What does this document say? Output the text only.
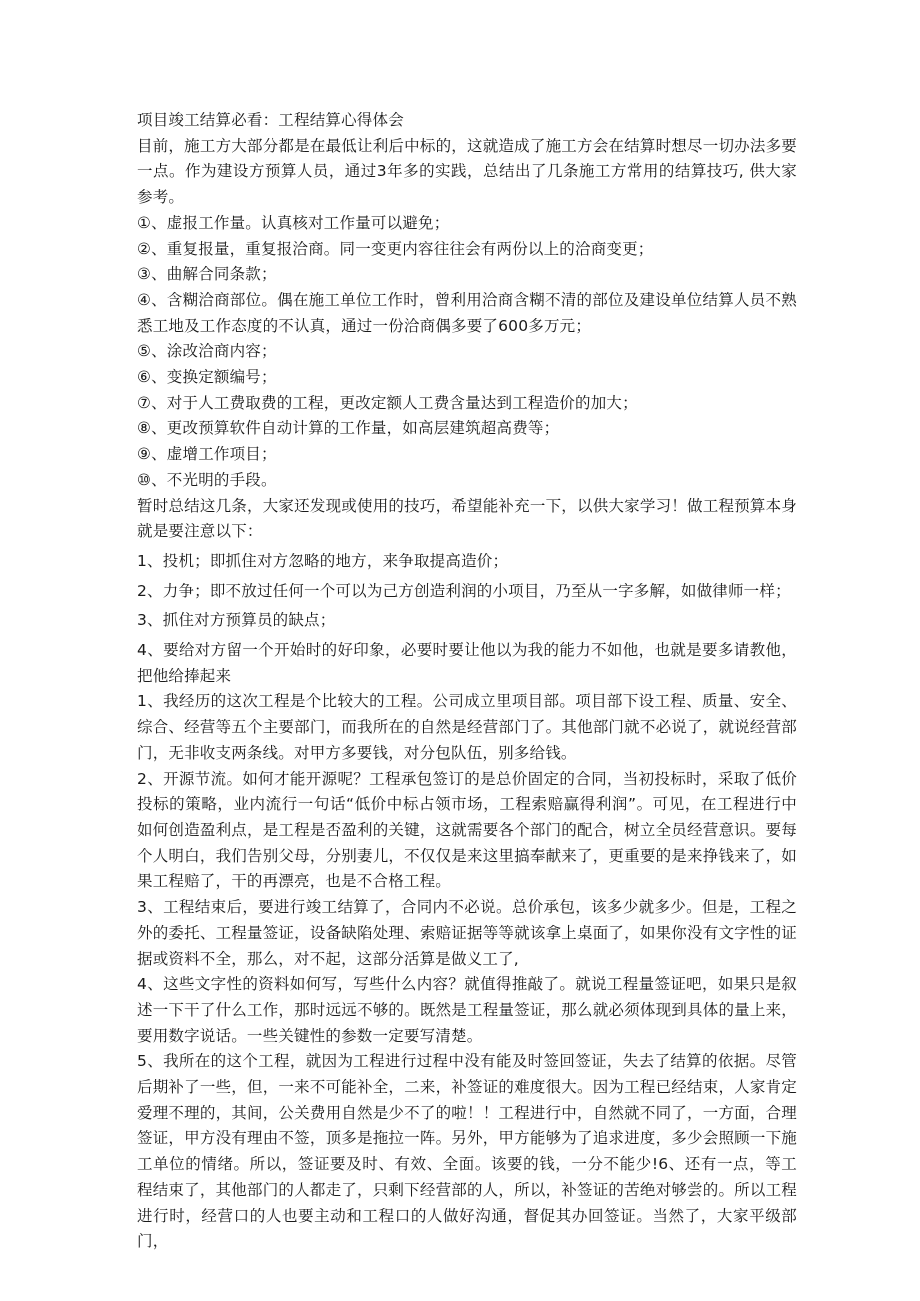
项目竣工结算必看：工程结算心得体会

目前，施工方大部分都是在最低让利后中标的，这就造成了施工方会在结算时想尽一切办法多要一点。作为建设方预算人员，通过3年多的实践，总结出了几条施工方常用的结算技巧, 供大家参考。

①、虚报工作量。认真核对工作量可以避免；

②、重复报量，重复报洽商。同一变更内容往往会有两份以上的洽商变更；

③、曲解合同条款；

④、含糊洽商部位。偶在施工单位工作时，曾利用洽商含糊不清的部位及建设单位结算人员不熟悉工地及工作态度的不认真，通过一份洽商偶多要了600多万元；

⑤、涂改洽商内容；

⑥、变换定额编号；

⑦、对于人工费取费的工程，更改定额人工费含量达到工程造价的加大；

⑧、更改预算软件自动计算的工作量，如高层建筑超高费等；

⑨、虚增工作项目；

⑩、不光明的手段。

暂时总结这几条，大家还发现或使用的技巧，希望能补充一下，以供大家学习！做工程预算本身就是要注意以下：

1、投机；即抓住对方忽略的地方，来争取提高造价；

2、力争；即不放过任何一个可以为己方创造利润的小项目，乃至从一字多解，如做律师一样；

3、抓住对方预算员的缺点；

4、要给对方留一个开始时的好印象，必要时要让他以为我的能力不如他，也就是要多请教他，把他给捧起来

1、我经历的这次工程是个比较大的工程。公司成立里项目部。项目部下设工程、质量、安全、综合、经营等五个主要部门，而我所在的自然是经营部门了。其他部门就不必说了，就说经营部门，无非收支两条线。对甲方多要钱，对分包队伍，别多给钱。

2、开源节流。如何才能开源呢？工程承包签订的是总价固定的合同，当初投标时，采取了低价投标的策略，业内流行一句话“低价中标占领市场，工程索赔赢得利润”。可见，在工程进行中如何创造盈利点，是工程是否盈利的关键，这就需要各个部门的配合，树立全员经营意识。要每个人明白，我们告别父母，分别妻儿，不仅仅是来这里搞奉献来了，更重要的是来挣钱来了，如果工程赔了，干的再漂亮，也是不合格工程。

3、工程结束后，要进行竣工结算了，合同内不必说。总价承包，该多少就多少。但是，工程之外的委托、工程量签证，设备缺陷处理、索赔证据等等就该拿上桌面了，如果你没有文字性的证据或资料不全，那么，对不起，这部分活算是做义工了,

4、这些文字性的资料如何写，写些什么内容？就值得推敲了。就说工程量签证吧，如果只是叙述一下干了什么工作，那时远远不够的。既然是工程量签证，那么就必须体现到具体的量上来，要用数字说话。一些关键性的参数一定要写清楚。

5、我所在的这个工程，就因为工程进行过程中没有能及时签回签证，失去了结算的依据。尽管后期补了一些，但，一来不可能补全，二来，补签证的难度很大。因为工程已经结束，人家肯定爱理不理的，其间，公关费用自然是少不了的啦！！工程进行中，自然就不同了，一方面，合理签证，甲方没有理由不签，顶多是拖拉一阵。另外，甲方能够为了追求进度，多少会照顾一下施工单位的情绪。所以，签证要及时、有效、全面。该要的钱，一分不能少!6、还有一点，等工程结束了，其他部门的人都走了，只剩下经营部的人，所以，补签证的苦绝对够尝的。所以工程进行时，经营口的人也要主动和工程口的人做好沟通，督促其办回签证。当然了，大家平级部门，
